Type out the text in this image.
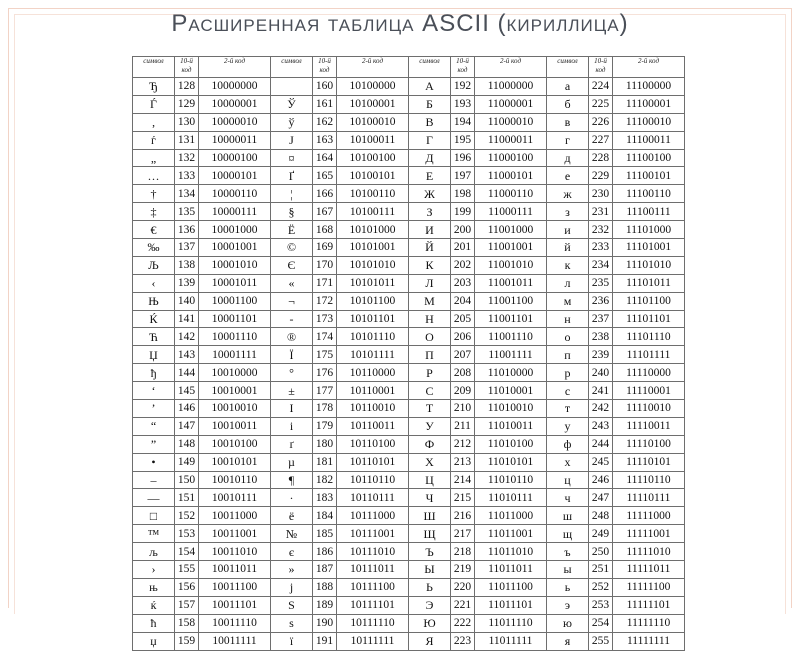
Расширенная таблица ASCII (кириллица)
символ	10-й код	2-й код	символ	10-й код	2-й код	символ	10-й код	2-й код	символ	10-й код	2-й код
Ђ	128	10000000		160	10100000	А	192	11000000	а	224	11100000
Ѓ	129	10000001	Ў	161	10100001	Б	193	11000001	б	225	11100001
‚	130	10000010	ў	162	10100010	В	194	11000010	в	226	11100010
ѓ	131	10000011	Ј	163	10100011	Г	195	11000011	г	227	11100011
„	132	10000100	¤	164	10100100	Д	196	11000100	д	228	11100100
…	133	10000101	Ґ	165	10100101	Е	197	11000101	е	229	11100101
†	134	10000110	¦	166	10100110	Ж	198	11000110	ж	230	11100110
‡	135	10000111	§	167	10100111	З	199	11000111	з	231	11100111
€	136	10001000	Ё	168	10101000	И	200	11001000	и	232	11101000
‰	137	10001001	©	169	10101001	Й	201	11001001	й	233	11101001
Љ	138	10001010	Є	170	10101010	К	202	11001010	к	234	11101010
‹	139	10001011	«	171	10101011	Л	203	11001011	л	235	11101011
Њ	140	10001100	¬	172	10101100	М	204	11001100	м	236	11101100
Ќ	141	10001101	-	173	10101101	Н	205	11001101	н	237	11101101
Ћ	142	10001110	®	174	10101110	О	206	11001110	о	238	11101110
Џ	143	10001111	Ї	175	10101111	П	207	11001111	п	239	11101111
ђ	144	10010000	°	176	10110000	Р	208	11010000	р	240	11110000
‘	145	10010001	±	177	10110001	С	209	11010001	с	241	11110001
’	146	10010010	І	178	10110010	Т	210	11010010	т	242	11110010
“	147	10010011	і	179	10110011	У	211	11010011	у	243	11110011
”	148	10010100	ґ	180	10110100	Ф	212	11010100	ф	244	11110100
•	149	10010101	µ	181	10110101	Х	213	11010101	х	245	11110101
–	150	10010110	¶	182	10110110	Ц	214	11010110	ц	246	11110110
—	151	10010111	·	183	10110111	Ч	215	11010111	ч	247	11110111
□	152	10011000	ё	184	10111000	Ш	216	11011000	ш	248	11111000
™	153	10011001	№	185	10111001	Щ	217	11011001	щ	249	11111001
љ	154	10011010	є	186	10111010	Ъ	218	11011010	ъ	250	11111010
›	155	10011011	»	187	10111011	Ы	219	11011011	ы	251	11111011
њ	156	10011100	ј	188	10111100	Ь	220	11011100	ь	252	11111100
ќ	157	10011101	Ѕ	189	10111101	Э	221	11011101	э	253	11111101
ћ	158	10011110	ѕ	190	10111110	Ю	222	11011110	ю	254	11111110
џ	159	10011111	ї	191	10111111	Я	223	11011111	я	255	11111111
